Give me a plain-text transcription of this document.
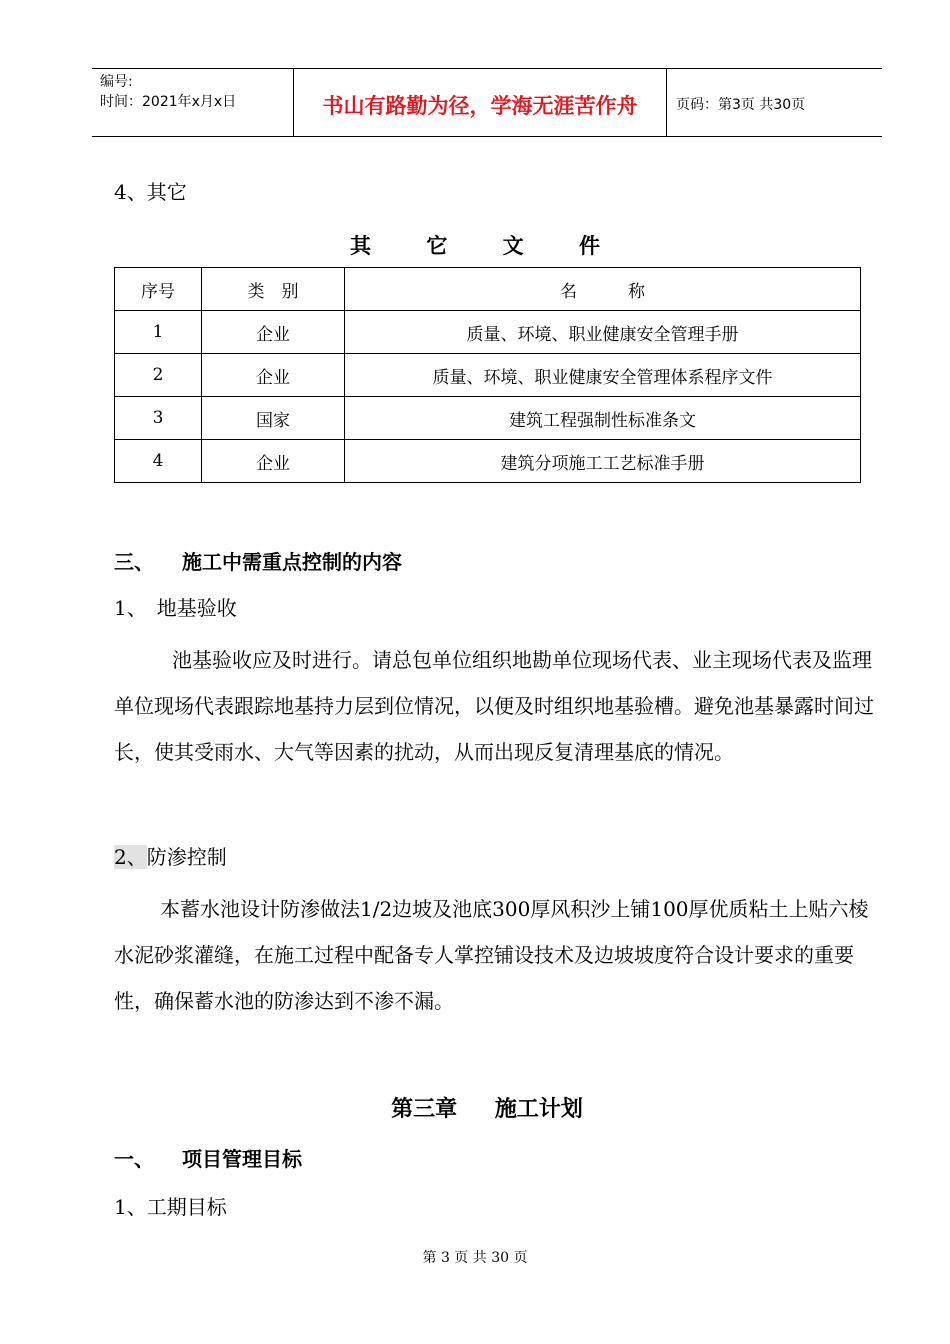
编号:
时间：2021年x月x日	书山有路勤为径，学海无涯苦作舟	页码：第3页 共30页
4、其它
其 它 文 件
序号	类　别	名　　　称
1	企业	质量、环境、职业健康安全管理手册
2	企业	质量、环境、职业健康安全管理体系程序文件
3	国家	建筑工程强制性标准条文
4	企业	建筑分项施工工艺标准手册
三、 施工中需重点控制的内容
1、　地基验收
池基验收应及时进行。请总包单位组织地勘单位现场代表、业主现场代表及监理单位现场代表跟踪地基持力层到位情况，以便及时组织地基验槽。避免池基暴露时间过长，使其受雨水、大气等因素的扰动，从而出现反复清理基底的情况。
2、防渗控制
本蓄水池设计防渗做法1/2边坡及池底300厚风积沙上铺100厚优质粘土上贴六棱水泥砂浆灌缝，在施工过程中配备专人掌控铺设技术及边坡坡度符合设计要求的重要性，确保蓄水池的防渗达到不渗不漏。
第三章 施工计划
一、 项目管理目标
1、工期目标
第 3 页 共 30 页
